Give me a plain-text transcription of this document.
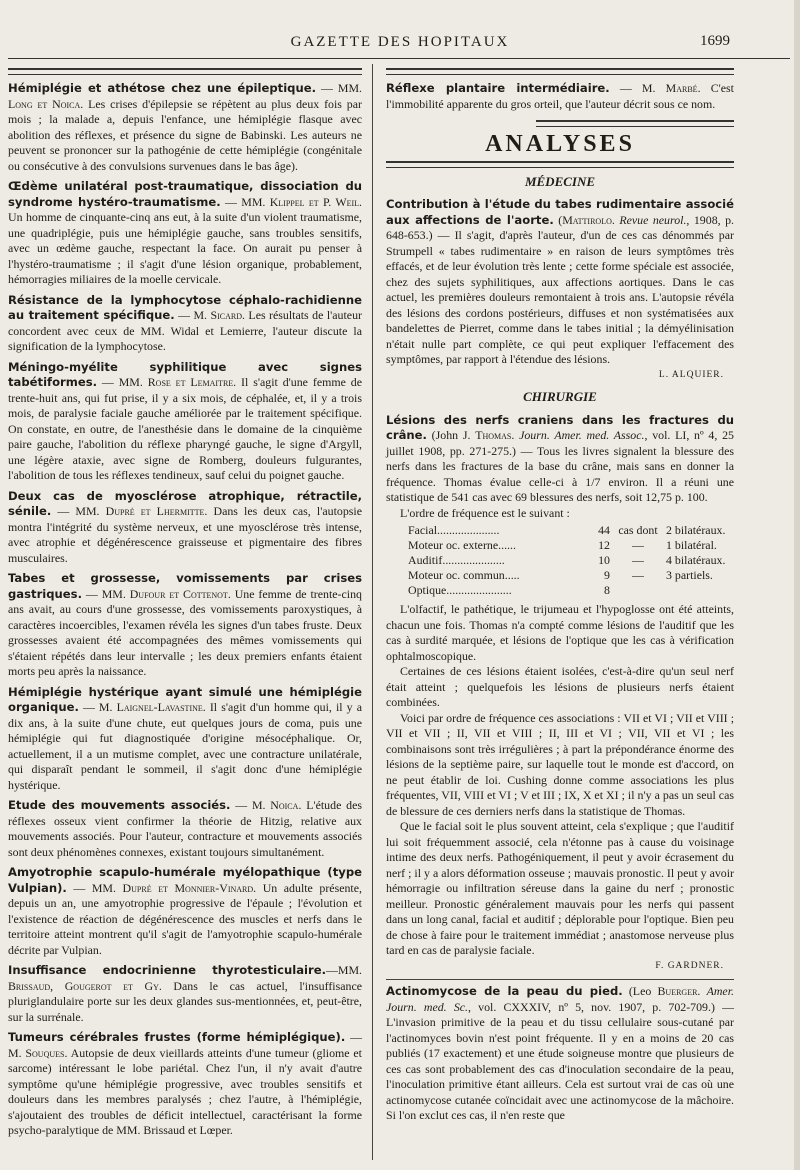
GAZETTE DES HOPITAUX	1699
Hémiplégie et athétose chez une épileptique. — MM. Long et Noica. Les crises d'épilepsie se répètent au plus deux fois par mois ; la malade a, depuis l'enfance, une hémiplégie flasque avec abolition des réflexes, et présence du signe de Babinski. Les auteurs ne peuvent se prononcer sur la pathogénie de cette hémiplégie (congénitale ou consécutive à des convulsions survenues dans le bas âge).
Œdème unilatéral post-traumatique, dissociation du syndrome hystéro-traumatisme. — MM. Klippel et P. Weil. Un homme de cinquante-cinq ans eut, à la suite d'un violent traumatisme, une quadriplégie, puis une hémiplégie gauche, sans troubles sensitifs, avec un œdème gauche, respectant la face. On aurait pu penser à l'hystéro-traumatisme ; il s'agit d'une lésion organique, probablement, hémorragies miliaires de la moelle cervicale.
Résistance de la lymphocytose céphalo-rachidienne au traitement spécifique. — M. Sicard. Les résultats de l'auteur concordent avec ceux de MM. Widal et Lemierre, l'auteur discute la signification de la lymphocytose.
Méningo-myélite syphilitique avec signes tabétiformes. — MM. Rose et Lemaitre. Il s'agit d'une femme de trente-huit ans, qui fut prise, il y a six mois, de céphalée, et, il y a trois mois, de paralysie faciale gauche améliorée par le traitement spécifique. On constate, en outre, de l'anesthésie dans le domaine de la cinquième paire gauche, l'abolition du réflexe pharyngé gauche, le signe d'Argyll, une légère ataxie, avec signe de Romberg, douleurs fulgurantes, l'abolition de tous les réflexes tendineux, sauf celui du poignet gauche.
Deux cas de myosclérose atrophique, rétractile, sénile. — MM. Dupré et Lhermitte. Dans les deux cas, l'autopsie montra l'intégrité du système nerveux, et une myosclérose très intense, avec atrophie et dégénérescence graisseuse et pigmentaire des fibres musculaires.
Tabes et grossesse, vomissements par crises gastriques. — MM. Dufour et Cottenot. Une femme de trente-cinq ans avait, au cours d'une grossesse, des vomissements paroxystiques, à caractères incoercibles, l'examen révéla les signes d'un tabes fruste. Deux grossesses avaient été accompagnées des mêmes vomissements qui s'étaient répétés dans leur intervalle ; les deux premiers enfants étaient morts peu après la naissance.
Hémiplégie hystérique ayant simulé une hémiplégie organique. — M. Laignel-Lavastine. Il s'agit d'un homme qui, il y a dix ans, à la suite d'une chute, eut quelques jours de coma, puis une hémiplégie qui fut diagnostiquée d'origine mésocéphalique. Or, actuellement, il a un mutisme complet, avec une contracture unilatérale, qui disparaît pendant le sommeil, il s'agit donc d'une hémiplégie hystérique.
Etude des mouvements associés. — M. Noica. L'étude des réflexes osseux vient confirmer la théorie de Hitzig, relative aux mouvements associés. Pour l'auteur, contracture et mouvements associés sont deux phénomènes connexes, existant toujours simultanément.
Amyotrophie scapulo-humérale myélopathique (type Vulpian). — MM. Dupré et Monnier-Vinard. Un adulte présente, depuis un an, une amyotrophie progressive de l'épaule ; l'évolution et l'existence de réaction de dégénérescence des muscles et nerfs dans le territoire atteint montrent qu'il s'agit de l'amyotrophie scapulo-humérale décrite par Vulpian.
Insuffisance endocrinienne thyrotesticulaire.—MM. Brissaud, Gougerot et Gy. Dans le cas actuel, l'insuffisance pluriglandulaire porte sur les deux glandes sus-mentionnées, et, peut-être, sur la surrénale.
Tumeurs cérébrales frustes (forme hémiplégique). — M. Souques. Autopsie de deux vieillards atteints d'une tumeur (gliome et sarcome) intéressant le lobe pariétal. Chez l'un, il n'y avait d'autre symptôme qu'une hémiplégie progressive, avec troubles sensitifs et douleurs dans les membres paralysés ; chez l'autre, à l'hémiplégie, s'ajoutaient des troubles de déficit intellectuel, caractérisant la forme psycho-paralytique de MM. Brissaud et Lœper.
Réflexe plantaire intermédiaire. — M. Marbé. C'est l'immobilité apparente du gros orteil, que l'auteur décrit sous ce nom.
ANALYSES
MÉDECINE
Contribution à l'étude du tabes rudimentaire associé aux affections de l'aorte. (Mattirolo. Revue neurol., 1908, p. 648-653.) — Il s'agit, d'après l'auteur, d'un de ces cas dénommés par Strumpell « tabes rudimentaire » en raison de leurs symptômes très effacés, et de leur évolution très lente ; cette forme spéciale est associée, chez des sujets syphilitiques, aux affections aortiques. Dans le cas actuel, les premières douleurs remontaient à trois ans. L'autopsie révéla des lésions des cordons postérieurs, diffuses et non systématisées aux bandelettes de Pierret, comme dans le tabes initial ; la démyélinisation n'était nulle part complète, ce qui peut expliquer l'effacement des symptômes, par rapport à l'étendue des lésions.
L. ALQUIER.
CHIRURGIE
Lésions des nerfs craniens dans les fractures du crâne. (John J. Thomas. Journ. Amer. med. Assoc., vol. LI, nº 4, 25 juillet 1908, pp. 271-275.) — Tous les livres signalent la blessure des nerfs dans les fractures de la base du crâne, mais sans en donner la fréquence. Thomas évalue celle-ci à 1/7 environ. Il a réuni une statistique de 541 cas avec 69 blessures des nerfs, soit 12,75 p. 100.

L'ordre de fréquence est le suivant :

Facial.....................	44	cas dont	2 bilatéraux.
Moteur oc. externe......	12	—	1 bilatéral.
Auditif.....................	10	—	4 bilatéraux.
Moteur oc. commun.....	9	—	3 partiels.
Optique......................	8		

L'olfactif, le pathétique, le trijumeau et l'hypoglosse ont été atteints, chacun une fois. Thomas n'a compté comme lésions de l'auditif que les cas à surdité marquée, et lésions de l'optique que les cas à vérification ophtalmoscopique.

Certaines de ces lésions étaient isolées, c'est-à-dire qu'un seul nerf était atteint ; quelquefois les lésions de plusieurs nerfs étaient combinées.

Voici par ordre de fréquence ces associations : VII et VI ; VII et VIII ; VII et VII ; II, VII et VIII ; II, III et VI ; VII, VII et VI ; les combinaisons sont très irrégulières ; à part la prépondérance énorme des lésions de la septième paire, sur laquelle tout le monde est d'accord, on ne peut établir de loi. Cushing donne comme associations les plus fréquentes, VII, VIII et VI ; V et III ; IX, X et XI ; il n'y a pas un seul cas de blessure de ces derniers nerfs dans la statistique de Thomas.

Que le facial soit le plus souvent atteint, cela s'explique ; que l'auditif lui soit fréquemment associé, cela n'étonne pas à cause du voisinage intime des deux nerfs. Pathogéniquement, il peut y avoir écrasement du nerf ; il y a alors déformation osseuse ; mauvais pronostic. Il peut y avoir hémorragie ou infiltration séreuse dans la gaine du nerf ; pronostic meilleur. Pronostic généralement mauvais pour les nerfs qui passent dans un long canal, facial et auditif ; déplorable pour l'optique. Bien peu de chose à faire pour le traitement immédiat ; anastomose nerveuse plus tard en cas de paralysie faciale.

F. GARDNER.
Actinomycose de la peau du pied. (Leo Buerger. Amer. Journ. med. Sc., vol. CXXXIV, nº 5, nov. 1907, p. 702-709.) — L'invasion primitive de la peau et du tissu cellulaire sous-cutané par l'actinomyces bovin n'est point fréquente. Il y en a moins de 20 cas publiés (17 exactement) et une étude soigneuse montre que plusieurs de ces cas sont probablement des cas d'inoculation secondaire de la peau, l'inoculation primitive étant ailleurs. Cela est surtout vrai de cas où une actinomycose cutanée coïncidait avec une actinomycose de la mâchoire. Si l'on exclut ces cas, il n'en reste que
